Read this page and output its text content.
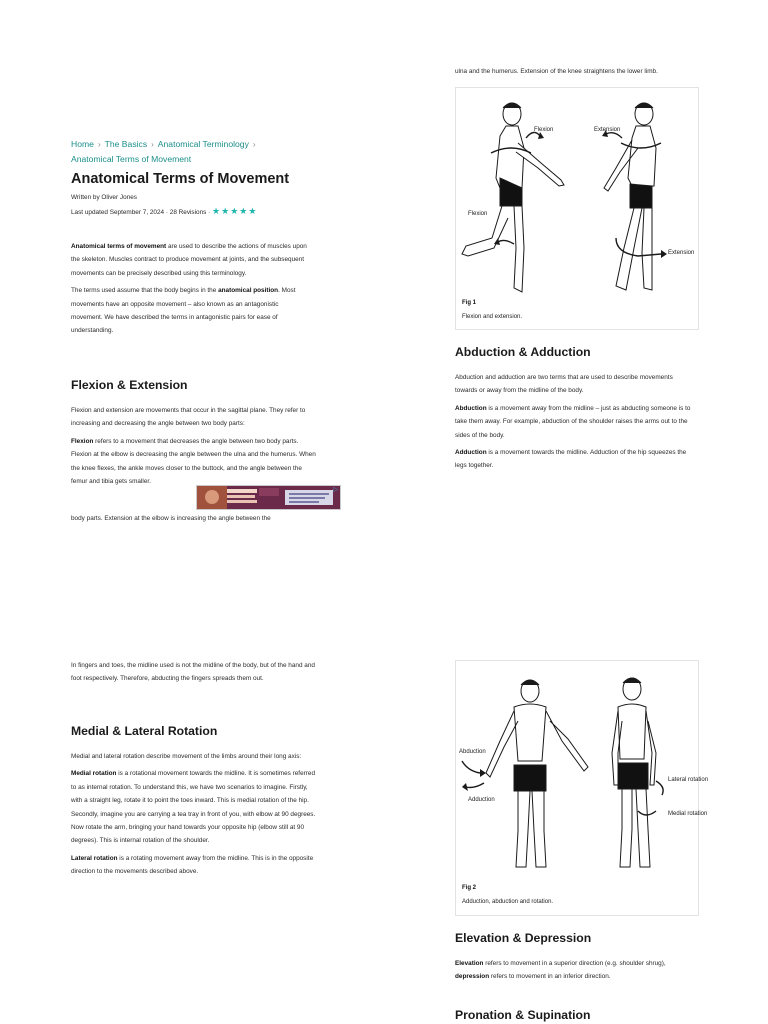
Home › The Basics › Anatomical Terminology ›
Anatomical Terms of Movement
Anatomical Terms of Movement
Written by Oliver Jones
Last updated September 7, 2024 · 28 Revisions · ★★★★★

Anatomical terms of movement are used to describe the actions of muscles upon the skeleton. Muscles contract to produce movement at joints, and the subsequent movements can be precisely described using this terminology.

The terms used assume that the body begins in the anatomical position. Most movements have an opposite movement – also known as an antagonistic movement. We have described the terms in antagonistic pairs for ease of understanding.

Flexion & Extension

Flexion and extension are movements that occur in the sagittal plane. They refer to increasing and decreasing the angle between two body parts:

Flexion refers to a movement that decreases the angle between two body parts. Flexion at the elbow is decreasing the angle between the ulna and the humerus. When the knee flexes, the ankle moves closer to the buttock, and the angle between the femur and tibia gets smaller.

▷

body parts. Extension at the elbow is increasing the angle between the

In fingers and toes, the midline used is not the midline of the body, but of the hand and foot respectively. Therefore, abducting the fingers spreads them out.

Medial & Lateral Rotation

Medial and lateral rotation describe movement of the limbs around their long axis:

Medial rotation is a rotational movement towards the midline. It is sometimes referred to as internal rotation. To understand this, we have two scenarios to imagine. Firstly, with a straight leg, rotate it to point the toes inward. This is medial rotation of the hip. Secondly, imagine you are carrying a tea tray in front of you, with elbow at 90 degrees. Now rotate the arm, bringing your hand towards your opposite hip (elbow still at 90 degrees). This is internal rotation of the shoulder.

Lateral rotation is a rotating movement away from the midline. This is in the opposite direction to the movements described above.

ulna and the humerus. Extension of the knee straightens the lower limb.

Flexion
Flexion
Extension
Extension
Fig 1
Flexion and extension.
Abduction & Adduction

Abduction and adduction are two terms that are used to describe movements towards or away from the midline of the body.

Abduction is a movement away from the midline – just as abducting someone is to take them away. For example, abduction of the shoulder raises the arms out to the sides of the body.

Adduction is a movement towards the midline. Adduction of the hip squeezes the legs together.

Abduction
Adduction
Lateral rotation
Medial rotation
Fig 2
Adduction, abduction and rotation.
Elevation & Depression

Elevation refers to movement in a superior direction (e.g. shoulder shrug), depression refers to movement in an inferior direction.

Pronation & Supination
